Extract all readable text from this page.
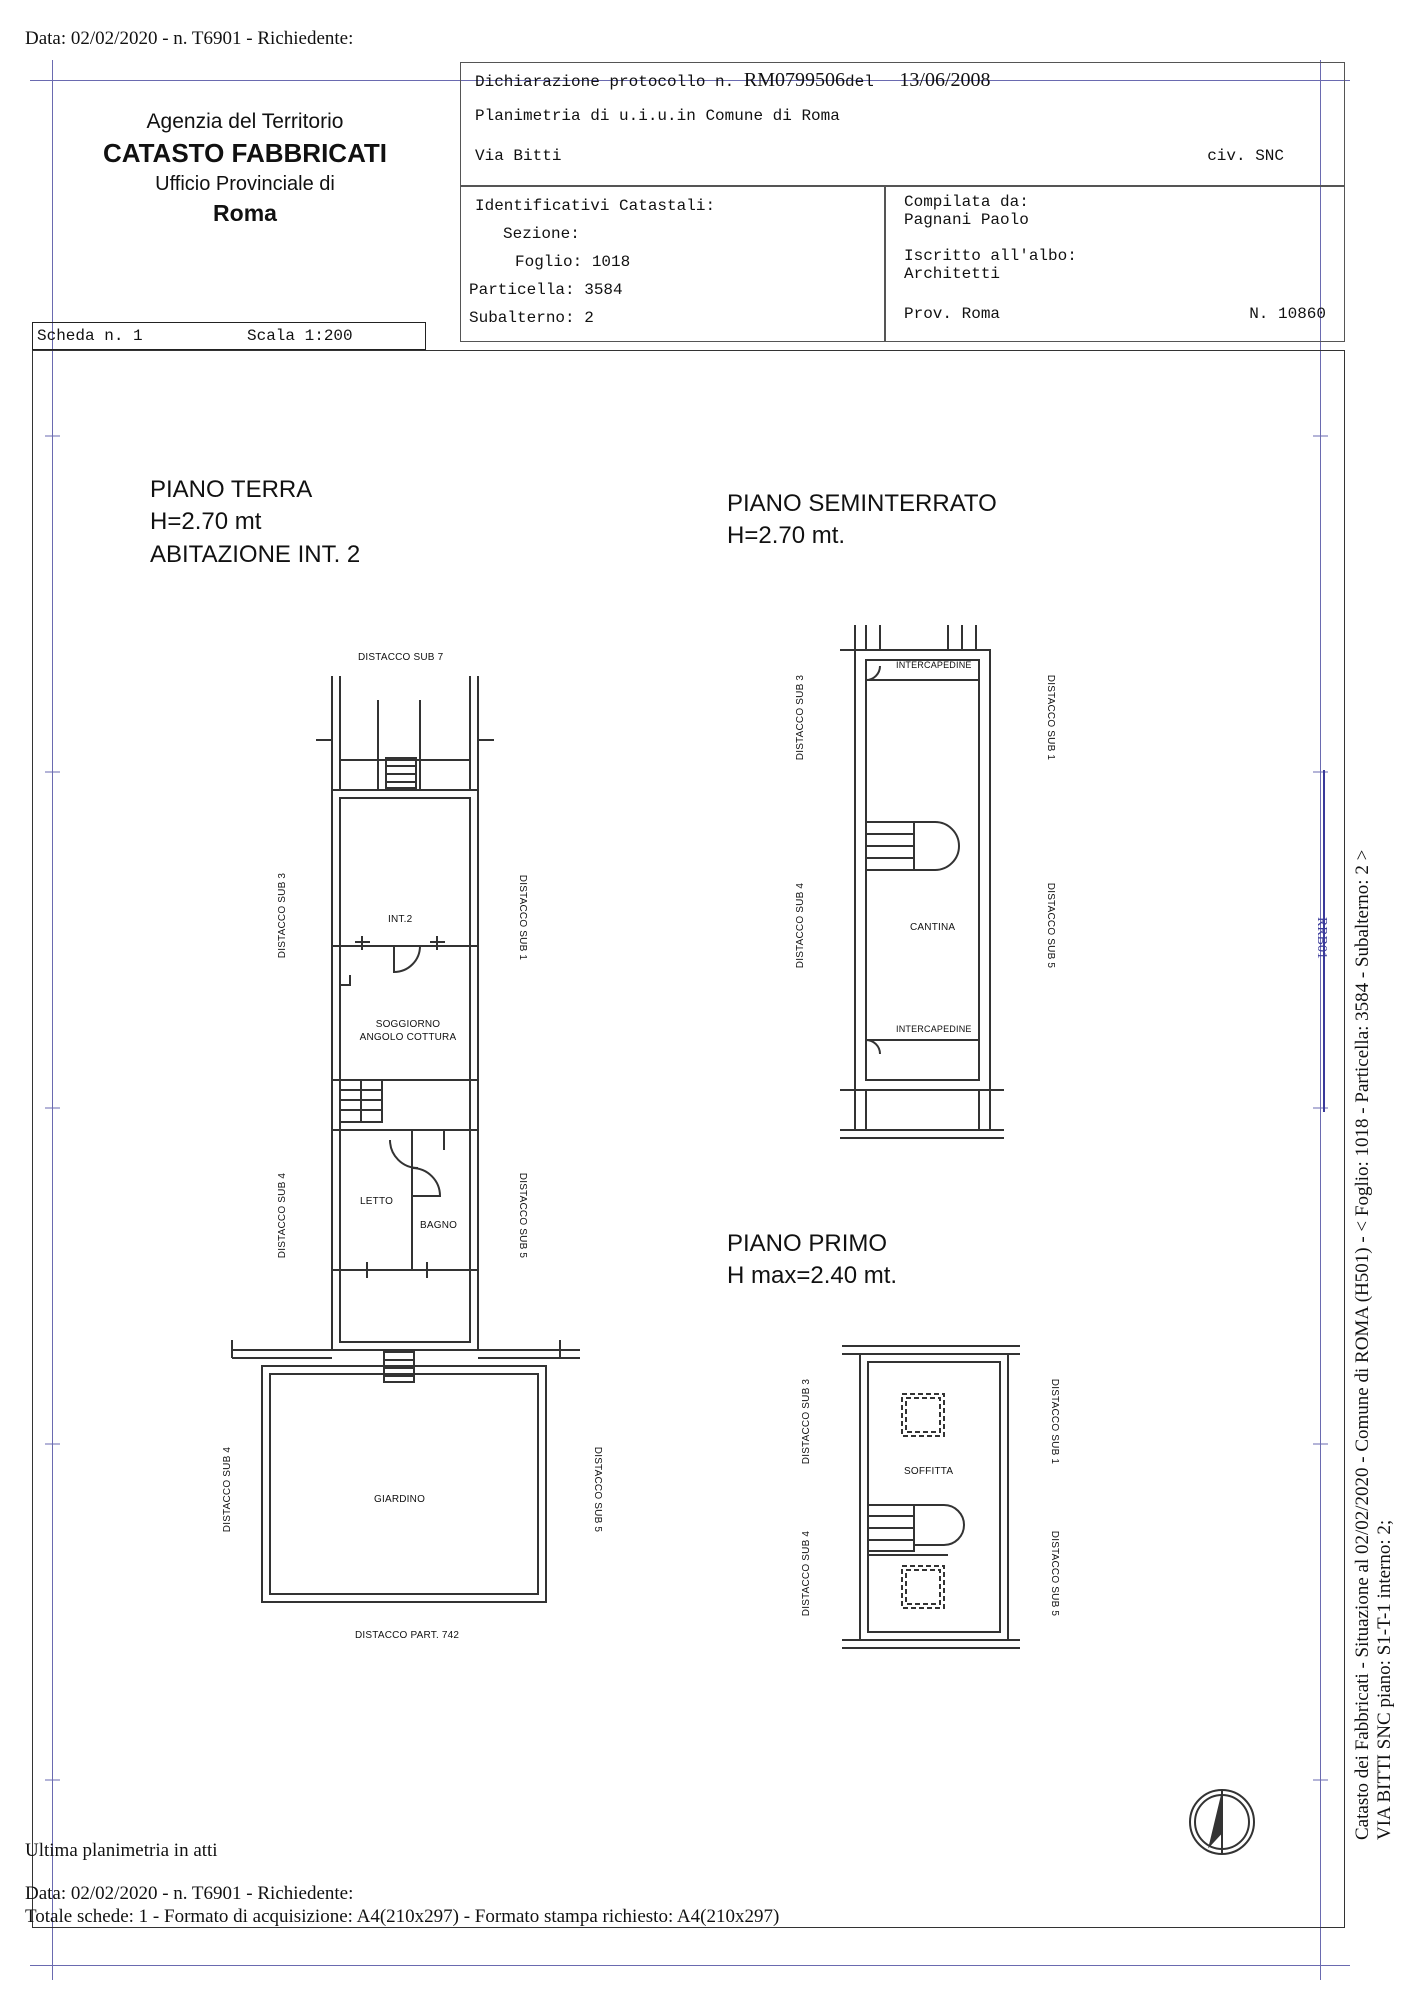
Data: 02/02/2020 - n. T6901 - Richiedente:
Agenzia del Territorio
CATASTO FABBRICATI
Ufficio Provinciale di
Roma
Dichiarazione protocollo n. RM0799506del 13/06/2008
Planimetria di u.i.u.in Comune di Roma
Via Bitti	civ. SNC
Identificativi Catastali:
Sezione:
Foglio: 1018
Particella: 3584
Subalterno: 2
Compilata da:
Pagnani Paolo
Iscritto all'albo:
Architetti
Prov. Roma	N. 10860
Scheda n. 1	Scala 1:200
PIANO TERRA
H=2.70 mt
ABITAZIONE INT. 2
PIANO SEMINTERRATO
H=2.70 mt.
PIANO PRIMO
H max=2.40 mt.
DISTACCO SUB 7
DISTACCO SUB 3	DISTACCO SUB 1
DISTACCO SUB 4	DISTACCO SUB 5
INT.2
SOGGIORNO
ANGOLO COTTURA
LETTO
BAGNO
GIARDINO
DISTACCO PART. 742
DISTACCO SUB 4	DISTACCO SUB 5
INTERCAPEDINE
INTERCAPEDINE
CANTINA
DISTACCO SUB 3	DISTACCO SUB 1
DISTACCO SUB 4	DISTACCO SUB 5
SOFFITTA
DISTACCO SUB 3	DISTACCO SUB 1
DISTACCO SUB 4	DISTACCO SUB 5
RRB01 Catasto dei Fabbricati - Situazione al 02/02/2020 - Comune di ROMA (H501) - < Foglio: 1018 - Particella: 3584 - Subalterno: 2 > VIA BITTI SNC piano: S1-T-1 interno: 2;
Ultima planimetria in atti
Data: 02/02/2020 - n. T6901 - Richiedente:
Totale schede: 1 - Formato di acquisizione: A4(210x297) - Formato stampa richiesto: A4(210x297)
